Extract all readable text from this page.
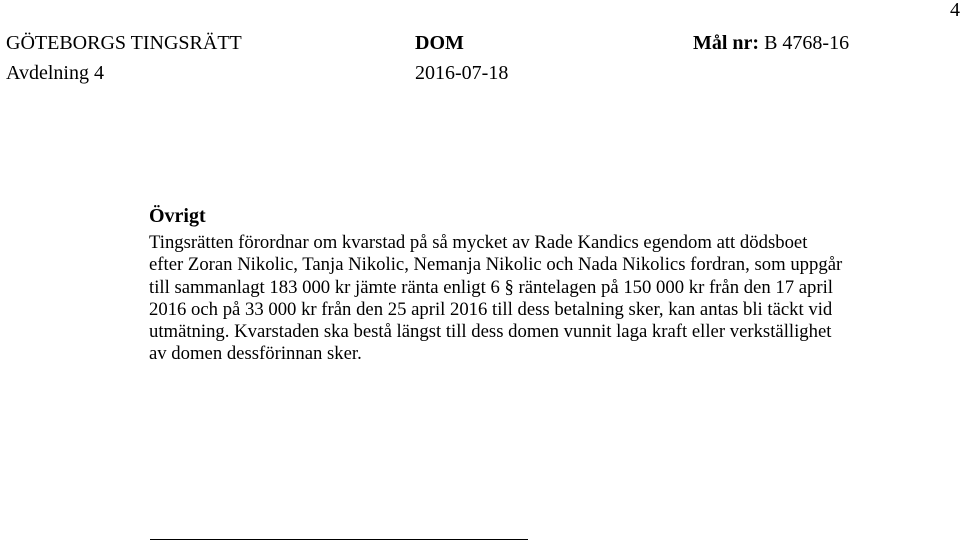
4
GÖTEBORGS TINGSRÄTT
Avdelning 4
DOM
2016-07-18
Mål nr: B 4768-16
Övrigt
Tingsrätten förordnar om kvarstad på så mycket av Rade Kandics egendom att dödsboet
efter Zoran Nikolic, Tanja Nikolic, Nemanja Nikolic och Nada Nikolics fordran, som uppgår
till sammanlagt 183 000 kr jämte ränta enligt 6 § räntelagen på 150 000 kr från den 17 april
2016 och på 33 000 kr från den 25 april 2016 till dess betalning sker, kan antas bli täckt vid
utmätning. Kvarstaden ska bestå längst till dess domen vunnit laga kraft eller verkställighet
av domen dessförinnan sker.
